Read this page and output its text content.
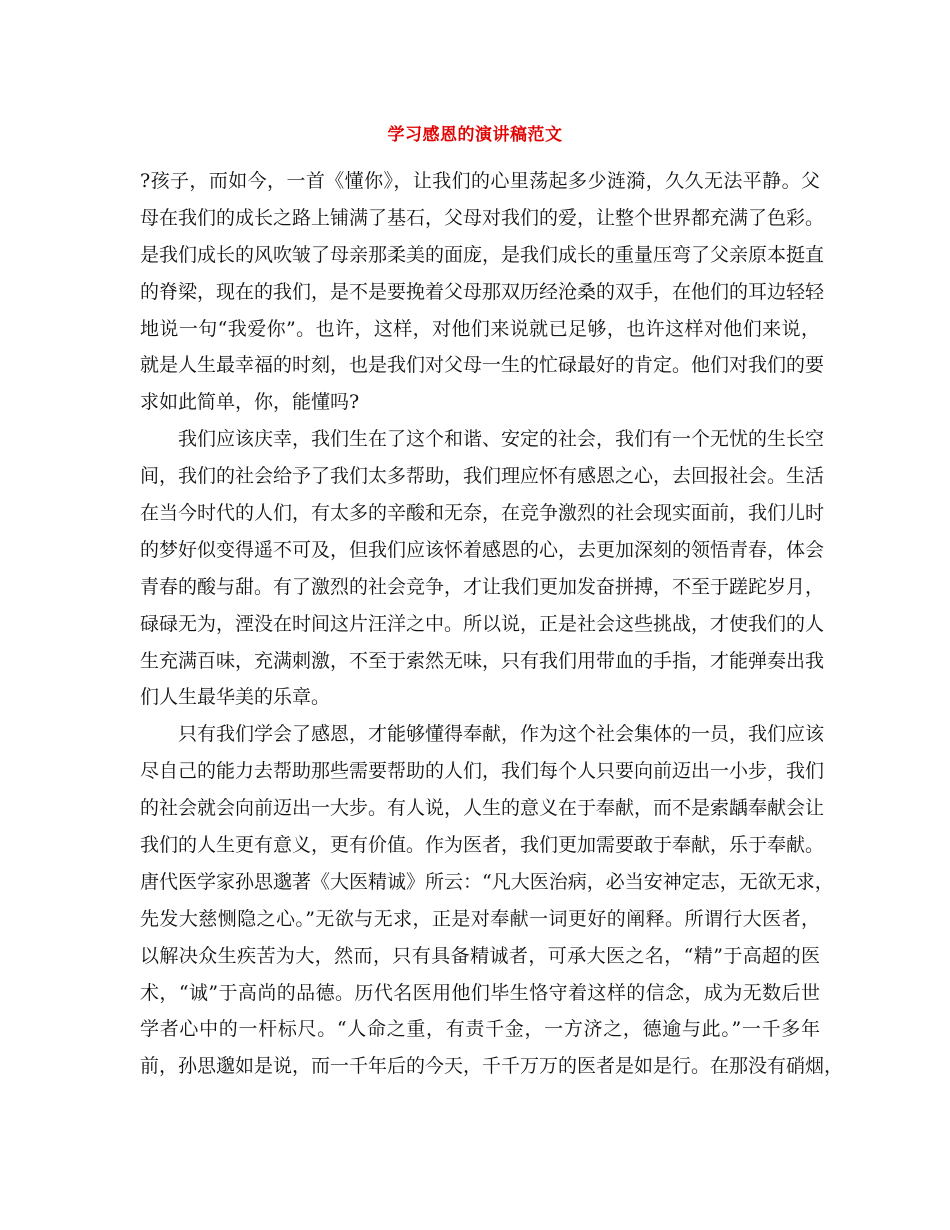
学习感恩的演讲稿范文
?孩子，而如今，一首《懂你》，让我们的心里荡起多少涟漪，久久无法平静。父
母在我们的成长之路上铺满了基石，父母对我们的爱，让整个世界都充满了色彩。
是我们成长的风吹皱了母亲那柔美的面庞，是我们成长的重量压弯了父亲原本挺直
的脊梁，现在的我们，是不是要挽着父母那双历经沧桑的双手，在他们的耳边轻轻
地说一句“我爱你”。也许，这样，对他们来说就已足够，也许这样对他们来说，
就是人生最幸福的时刻，也是我们对父母一生的忙碌最好的肯定。他们对我们的要
求如此简单，你，能懂吗?
我们应该庆幸，我们生在了这个和谐、安定的社会，我们有一个无忧的生长空
间，我们的社会给予了我们太多帮助，我们理应怀有感恩之心，去回报社会。生活
在当今时代的人们，有太多的辛酸和无奈，在竞争激烈的社会现实面前，我们儿时
的梦好似变得遥不可及，但我们应该怀着感恩的心，去更加深刻的领悟青春，体会
青春的酸与甜。有了激烈的社会竞争，才让我们更加发奋拼搏，不至于蹉跎岁月，
碌碌无为，湮没在时间这片汪洋之中。所以说，正是社会这些挑战，才使我们的人
生充满百味，充满刺激，不至于索然无味，只有我们用带血的手指，才能弹奏出我
们人生最华美的乐章。
只有我们学会了感恩，才能够懂得奉献，作为这个社会集体的一员，我们应该
尽自己的能力去帮助那些需要帮助的人们，我们每个人只要向前迈出一小步，我们
的社会就会向前迈出一大步。有人说，人生的意义在于奉献，而不是索龋奉献会让
我们的人生更有意义，更有价值。作为医者，我们更加需要敢于奉献，乐于奉献。
唐代医学家孙思邈著《大医精诚》所云：“凡大医治病，必当安神定志，无欲无求，
先发大慈恻隐之心。”无欲与无求，正是对奉献一词更好的阐释。所谓行大医者，
以解决众生疾苦为大，然而，只有具备精诚者，可承大医之名，“精”于高超的医
术，“诚”于高尚的品德。历代名医用他们毕生恪守着这样的信念，成为无数后世
学者心中的一杆标尺。“人命之重，有责千金，一方济之，德逾与此。”一千多年
前，孙思邈如是说，而一千年后的今天，千千万万的医者是如是行。在那没有硝烟，
